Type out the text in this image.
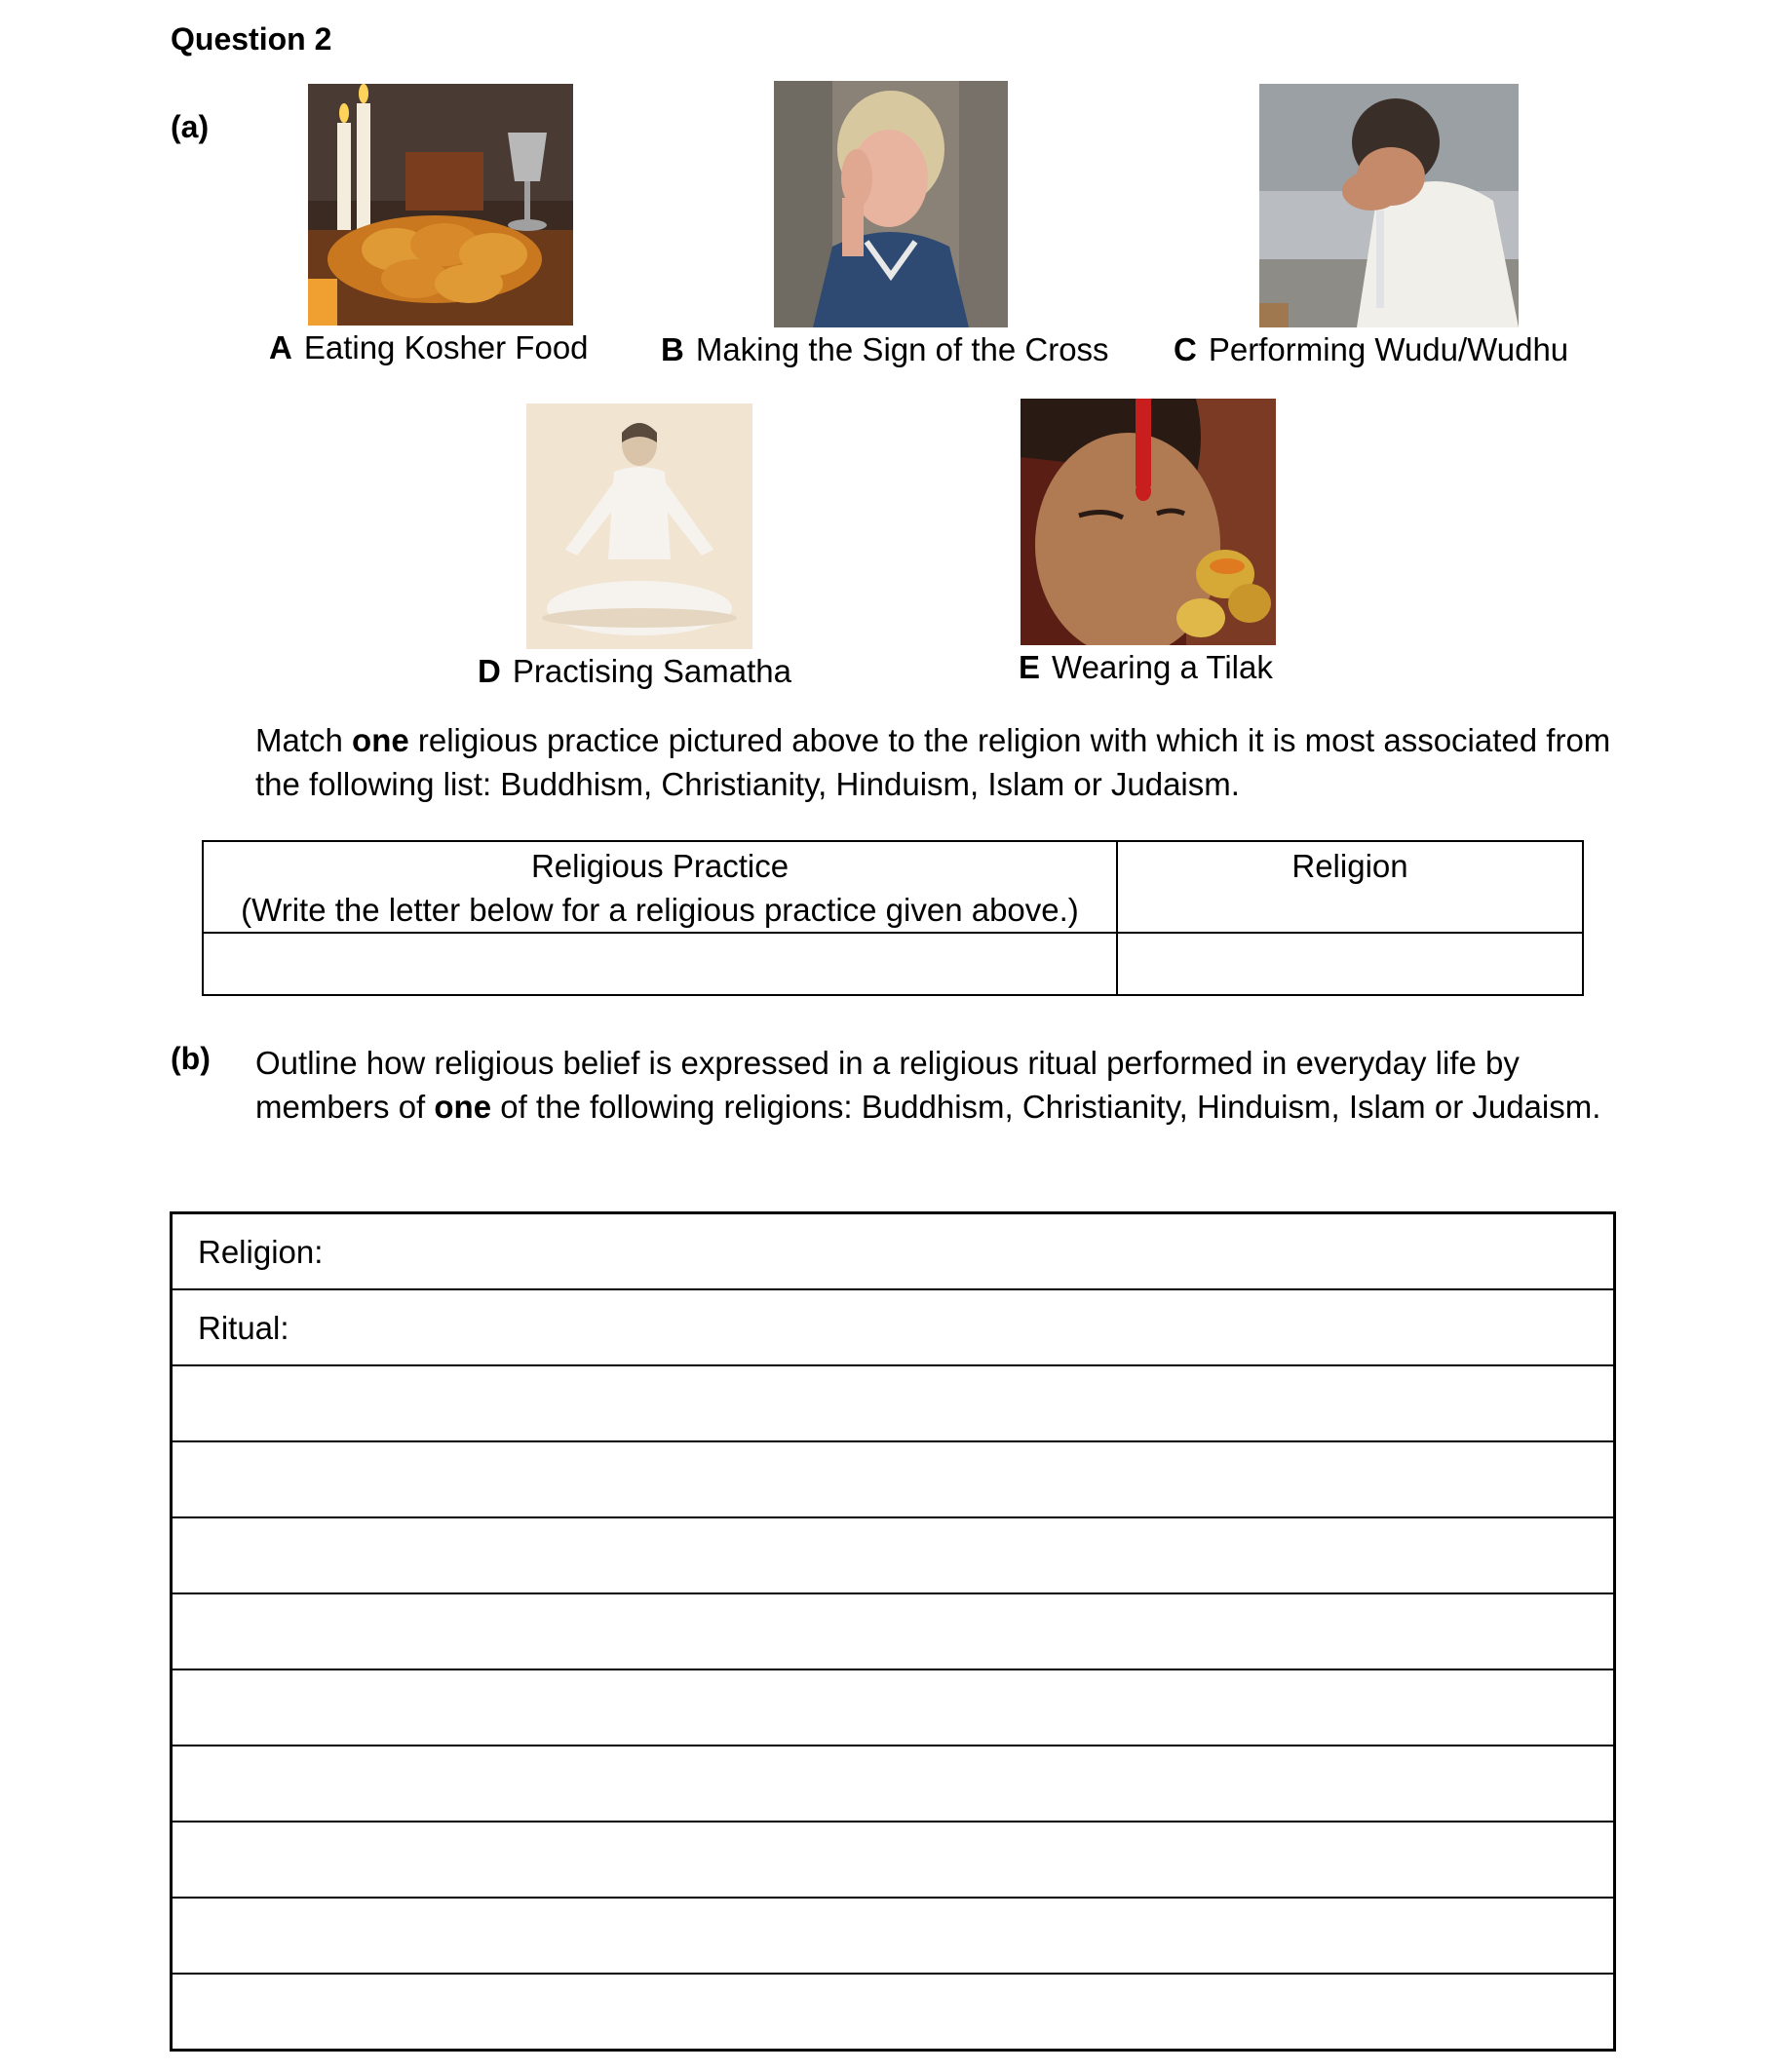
Question 2
(a)
A Eating Kosher Food B Making the Sign of the Cross C Performing Wudu/Wudhu
D Practising Samatha	E Wearing a Tilak
Match one religious practice pictured above to the religion with which it is most associated from the following list: Buddhism, Christianity, Hinduism, Islam or Judaism.
Religious Practice
(Write the letter below for a religious practice given above.)	Religion

(b) Outline how religious belief is expressed in a religious ritual performed in everyday life by members of one of the following religions: Buddhism, Christianity, Hinduism, Islam or Judaism.
Religion:
Ritual:
